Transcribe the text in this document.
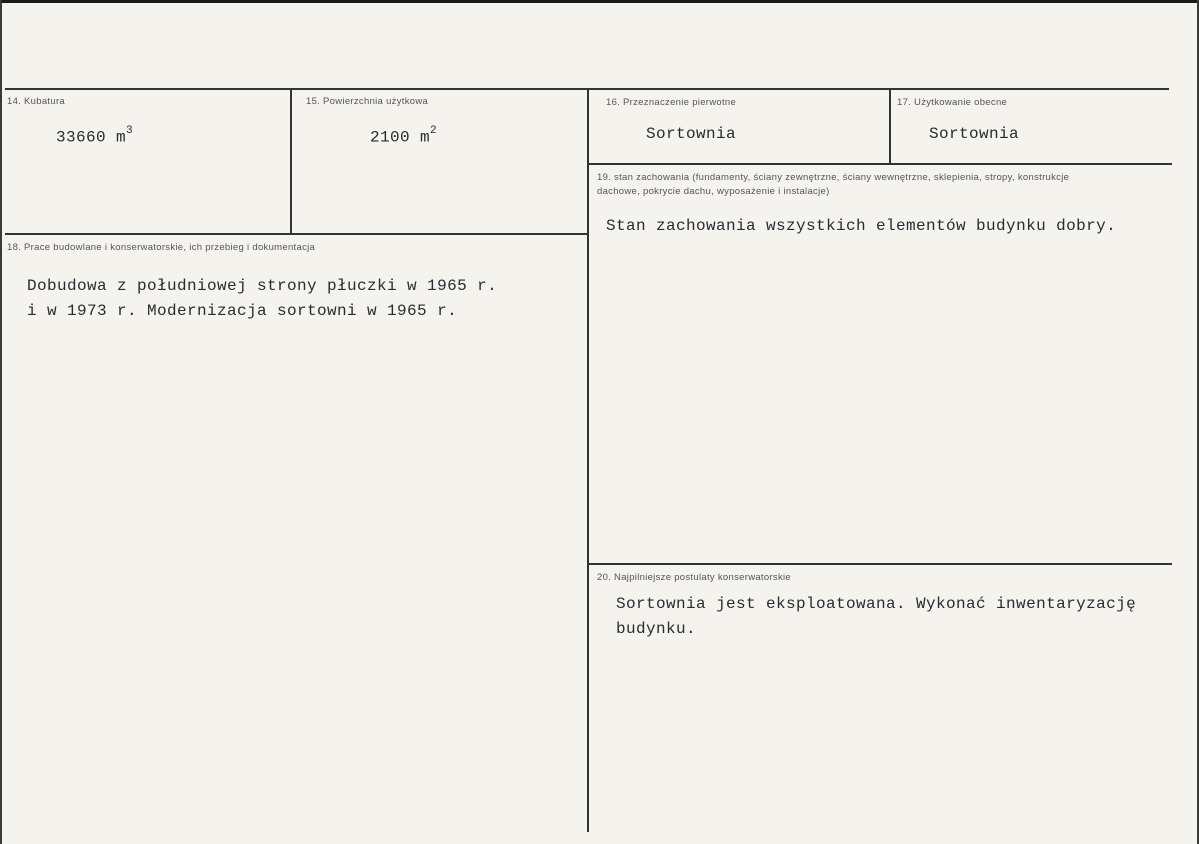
14. Kubatura
33660 $m^3$
15. Powierzchnia użytkowa
2100 $m^2$
16. Przeznaczenie pierwotne
Sortownia
17. Użytkowanie obecne
Sortownia
18. Prace budowlane i konserwatorskie, ich przebieg i dokumentacja
Dobudowa z południowej strony płuczki w 1965 r.
i w 1973 r. Modernizacja sortowni w 1965 r.
19. stan zachowania (fundamenty, ściany zewnętrzne, ściany wewnętrzne, sklepienia, stropy, konstrukcje dachowe, pokrycie dachu, wyposażenie i instalacje)
Stan zachowania wszystkich elementów budynku dobry.
20. Najpilniejsze postulaty konserwatorskie
Sortownia jest eksploatowana. Wykonać inwentaryzację
budynku.
